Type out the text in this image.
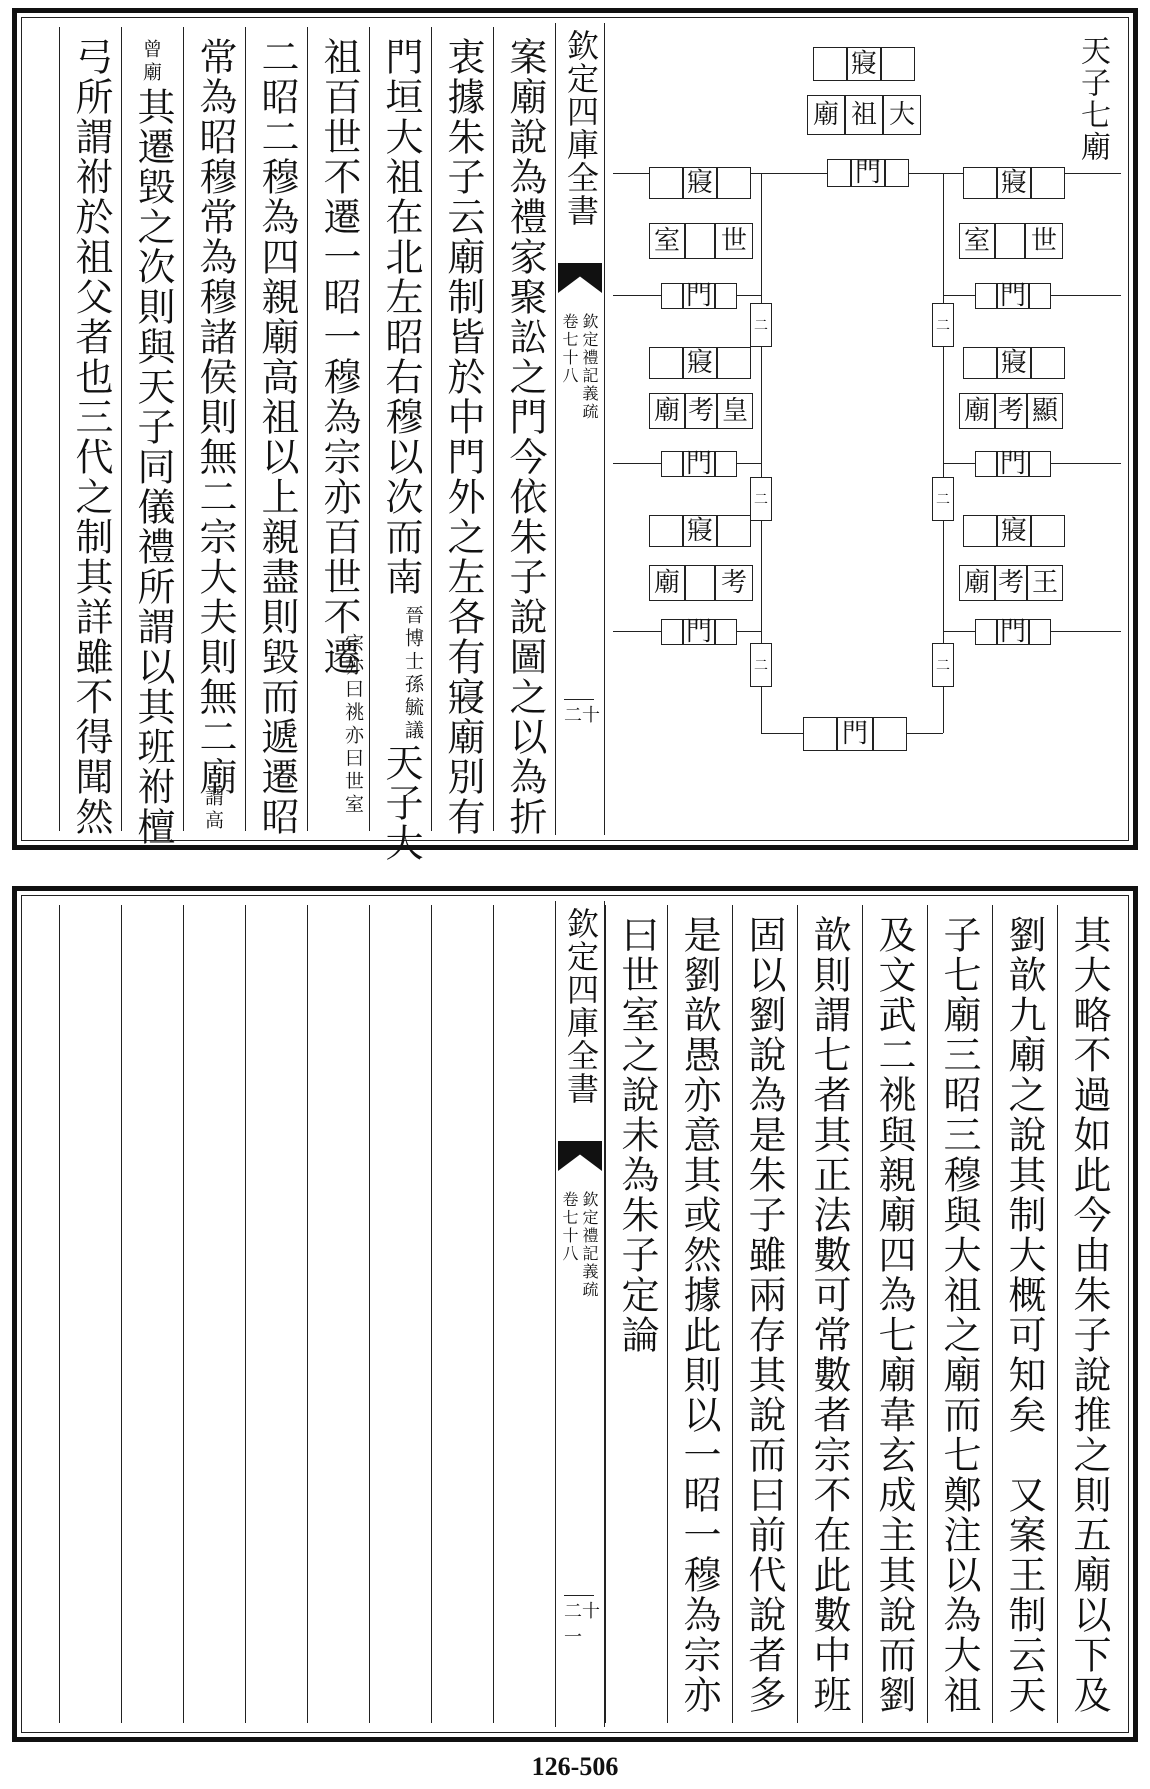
案廟說為禮家聚訟之門今依朱子說圖之以為折
衷據朱子云廟制皆於中門外之左各有寢廟別有
門垣大祖在北左昭右穆以次而南
晉博士孫毓議
天子大
祖百世不遷一昭一穆為宗亦百世不遷
宗亦曰祧亦曰世室
二昭二穆為四親廟高祖以上親盡則毀而遞遷昭
常為昭穆常為穆諸侯則無二宗大夫則無二廟
謂高
曾廟
其遷毀之次則與天子同儀禮所謂以其班祔檀
弓所謂祔於祖父者也三代之制其詳雖不得聞然	欽定四庫全書
欽定禮記義疏
卷七十八
二十
天子七廟
寢
廟 祖 大
門
寢
室 世
門
二
寢
廟 考 皇
門
二
寢
廟 考
門
二
寢
室 世
門
二
寢
廟 考 顯
門
二
寢
廟 考 王
門
二
門
欽定四庫全書
欽定禮記義疏
卷七十八
二十一	其大略不過如此今由朱子說推之則五廟以下及
劉歆九廟之說其制大概可知矣　又案王制云天
子七廟三昭三穆與大祖之廟而七鄭注以為大祖
及文武二祧與親廟四為七廟韋玄成主其說而劉
歆則謂七者其正法數可常數者宗不在此數中班
固以劉說為是朱子雖兩存其說而曰前代說者多
是劉歆愚亦意其或然據此則以一昭一穆為宗亦
曰世室之說未為朱子定論
126-506
